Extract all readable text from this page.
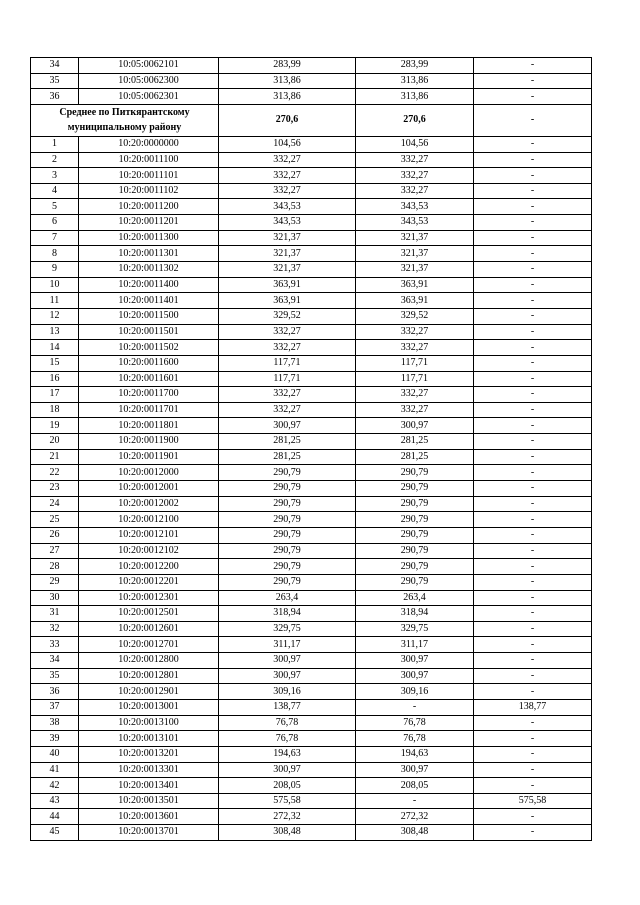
34	10:05:0062101	283,99	283,99	-
35	10:05:0062300	313,86	313,86	-
36	10:05:0062301	313,86	313,86	-
Среднее по Питкярантскому муниципальному району		270,6	270,6	-
1	10:20:0000000	104,56	104,56	-
2	10:20:0011100	332,27	332,27	-
3	10:20:0011101	332,27	332,27	-
4	10:20:0011102	332,27	332,27	-
5	10:20:0011200	343,53	343,53	-
6	10:20:0011201	343,53	343,53	-
7	10:20:0011300	321,37	321,37	-
8	10:20:0011301	321,37	321,37	-
9	10:20:0011302	321,37	321,37	-
10	10:20:0011400	363,91	363,91	-
11	10:20:0011401	363,91	363,91	-
12	10:20:0011500	329,52	329,52	-
13	10:20:0011501	332,27	332,27	-
14	10:20:0011502	332,27	332,27	-
15	10:20:0011600	117,71	117,71	-
16	10:20:0011601	117,71	117,71	-
17	10:20:0011700	332,27	332,27	-
18	10:20:0011701	332,27	332,27	-
19	10:20:0011801	300,97	300,97	-
20	10:20:0011900	281,25	281,25	-
21	10:20:0011901	281,25	281,25	-
22	10:20:0012000	290,79	290,79	-
23	10:20:0012001	290,79	290,79	-
24	10:20:0012002	290,79	290,79	-
25	10:20:0012100	290,79	290,79	-
26	10:20:0012101	290,79	290,79	-
27	10:20:0012102	290,79	290,79	-
28	10:20:0012200	290,79	290,79	-
29	10:20:0012201	290,79	290,79	-
30	10:20:0012301	263,4	263,4	-
31	10:20:0012501	318,94	318,94	-
32	10:20:0012601	329,75	329,75	-
33	10:20:0012701	311,17	311,17	-
34	10:20:0012800	300,97	300,97	-
35	10:20:0012801	300,97	300,97	-
36	10:20:0012901	309,16	309,16	-
37	10:20:0013001	138,77	-	138,77
38	10:20:0013100	76,78	76,78	-
39	10:20:0013101	76,78	76,78	-
40	10:20:0013201	194,63	194,63	-
41	10:20:0013301	300,97	300,97	-
42	10:20:0013401	208,05	208,05	-
43	10:20:0013501	575,58	-	575,58
44	10:20:0013601	272,32	272,32	-
45	10:20:0013701	308,48	308,48	-
